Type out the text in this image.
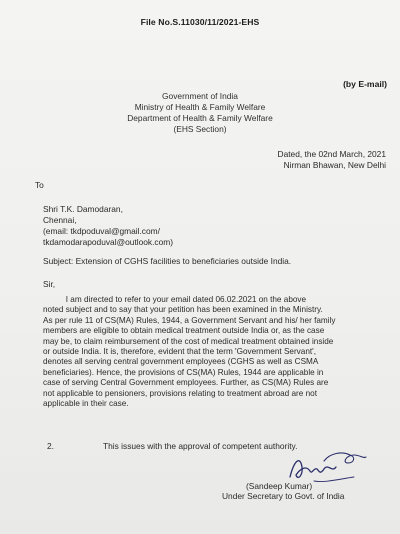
File No.S.11030/11/2021-EHS
(by E-mail)
Government of India
Ministry of Health & Family Welfare
Department of Health & Family Welfare
(EHS Section)
Dated, the 02nd March, 2021
Nirman Bhawan, New Delhi
To
Shri T.K. Damodaran,
Chennai,
(email: tkdpoduval@gmail.com/
tkdamodarapoduval@outlook.com)
Subject: Extension of CGHS facilities to beneficiaries outside India.
Sir,
I am directed to refer to your email dated 06.02.2021 on the above
noted subject and to say that your petition has been examined in the Ministry.
As per rule 11 of CS(MA) Rules, 1944, a Government Servant and his/ her family
members are eligible to obtain medical treatment outside India or, as the case
may be, to claim reimbursement of the cost of medical treatment obtained inside
or outside India. It is, therefore, evident that the term 'Government Servant',
denotes all serving central government employees (CGHS as well as CSMA
beneficiaries). Hence, the provisions of CS(MA) Rules, 1944 are applicable in
case of serving Central Government employees. Further, as CS(MA) Rules are
not applicable to pensioners, provisions relating to treatment abroad are not
applicable in their case.
2.	This issues with the approval of competent authority.
(Sandeep Kumar)
Under Secretary to Govt. of India
